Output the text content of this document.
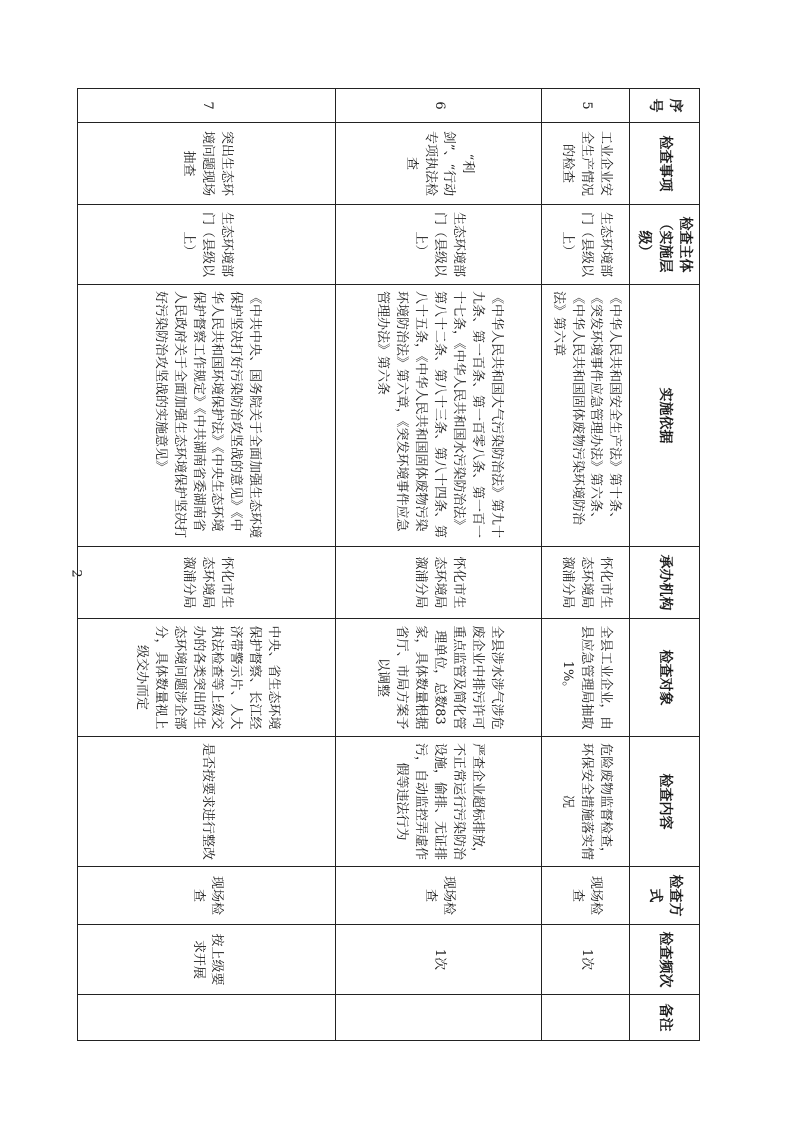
序号	检查事项	检查主体（实施层级）	实施依据	承办机构	检查对象	检查内容	检查方式	检查频次	备注
5	工业企业安全生产情况的检查	生态环境部门（县级以上）	《中华人民共和国安全生产法》第十条、《突发环境事件应急管理办法》第六条、《中华人民共和国固体废物污染环境防治法》第六章	怀化市生态环境局溆浦分局	全县工业企业，由县应急管理局抽取1%。	危险废物监督检查，环保安全措施落实情况	现场检查	1次	
6	“利剑”、“行动专项执法检查	生态环境部门（县级以上）	《中华人民共和国大气污染防治法》第九十九条、第一百条、第一百零八条、第一百一十七条，《中华人民共和国水污染防治法》第八十二条、第八十三条、第八十四条、第八十五条，《中华人民共和国固体废物污染环境防治法》第六章，《突发环境事件应急管理办法》第六条	怀化市生态环境局溆浦分局	全县涉水涉气涉危废企业中排污许可重点监管及简化管理单位，总数83家，具体数量根据省厅、市局方案予以调整	严查企业超标排放，不正常运行污染防治设施，偷排、无证排污，自动监控弄虚作假等违法行为	现场检查	1次	
7	突出生态环境问题现场抽查	生态环境部门（县级以上）	《中共中央、国务院关于全面加强生态环境保护坚决打好污染防治攻坚战的意见》《中华人民共和国环境保护法》《中央生态环境保护督察工作规定》《中共湖南省委湖南省人民政府关于全面加强生态环境保护坚决打好污染防治攻坚战的实施意见》	怀化市生态环境局溆浦分局	中央、省生态环境保护督察、长江经济带警示片、人大执法检查等上级交办的各类突出的生态环境问题涉企部分，具体数量视上级交办而定	是否按要求进行整改	现场检查	按上级要求开展	
2
